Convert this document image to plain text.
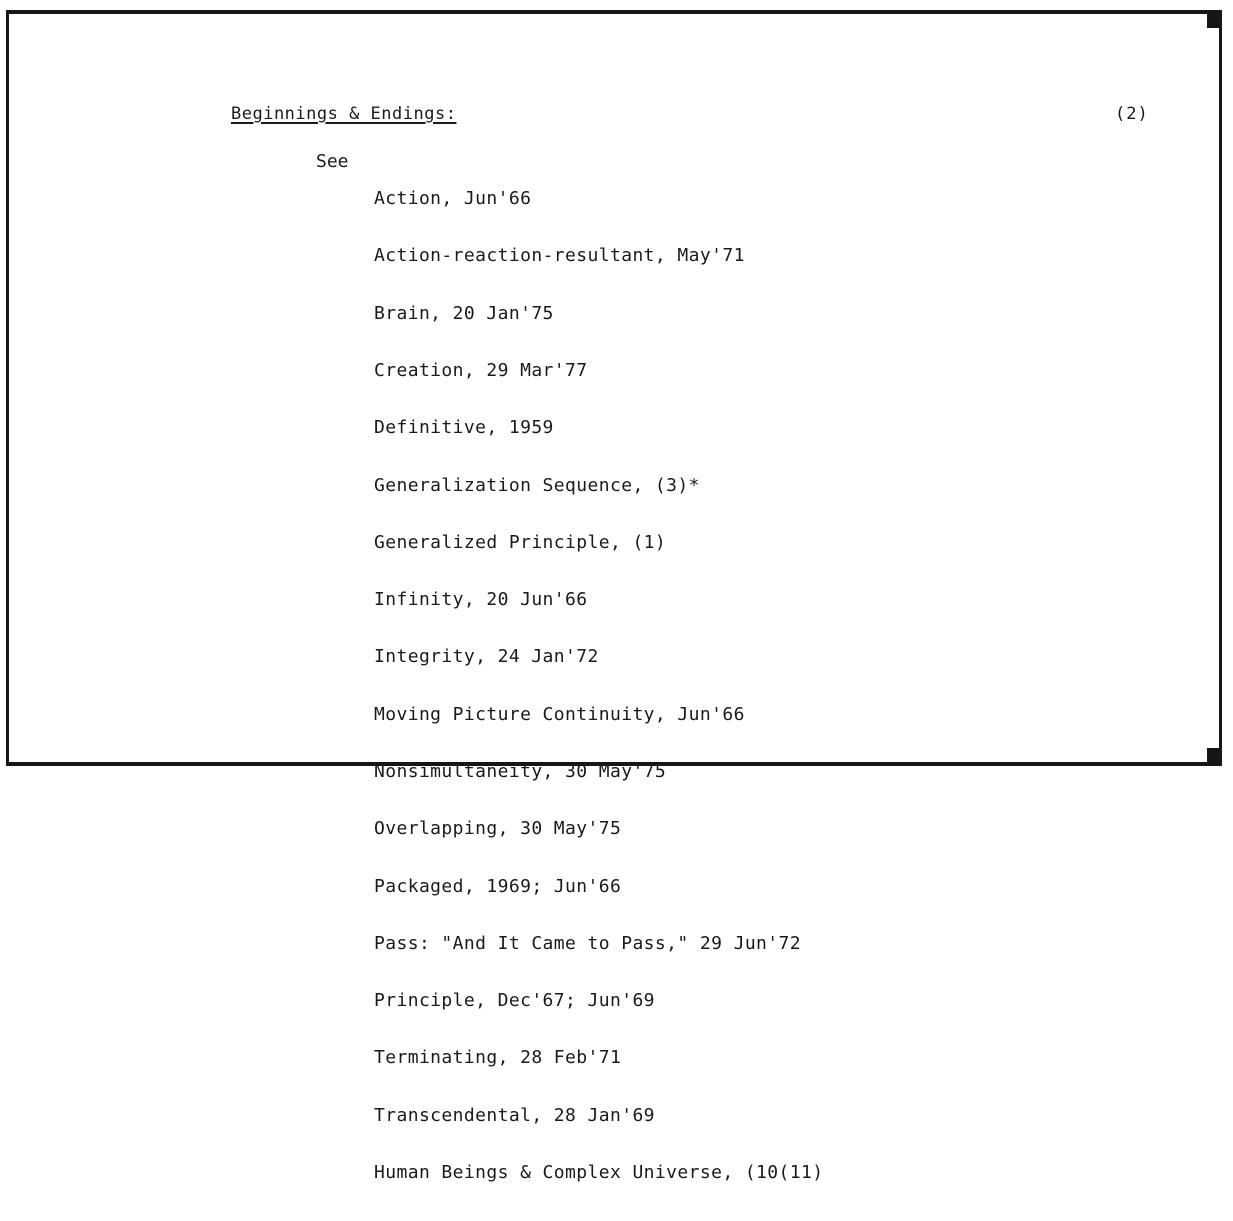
Beginnings & Endings:	(2)
See

Action, Jun'66

Action-reaction-resultant, May'71

Brain, 20 Jan'75

Creation, 29 Mar'77

Definitive, 1959

Generalization Sequence, (3)*

Generalized Principle, (1)

Infinity, 20 Jun'66

Integrity, 24 Jan'72

Moving Picture Continuity, Jun'66

Nonsimultaneity, 30 May'75

Overlapping, 30 May'75

Packaged, 1969; Jun'66

Pass: "And It Came to Pass," 29 Jun'72

Principle, Dec'67; Jun'69

Terminating, 28 Feb'71

Transcendental, 28 Jan'69

Human Beings & Complex Universe, (10(11)
